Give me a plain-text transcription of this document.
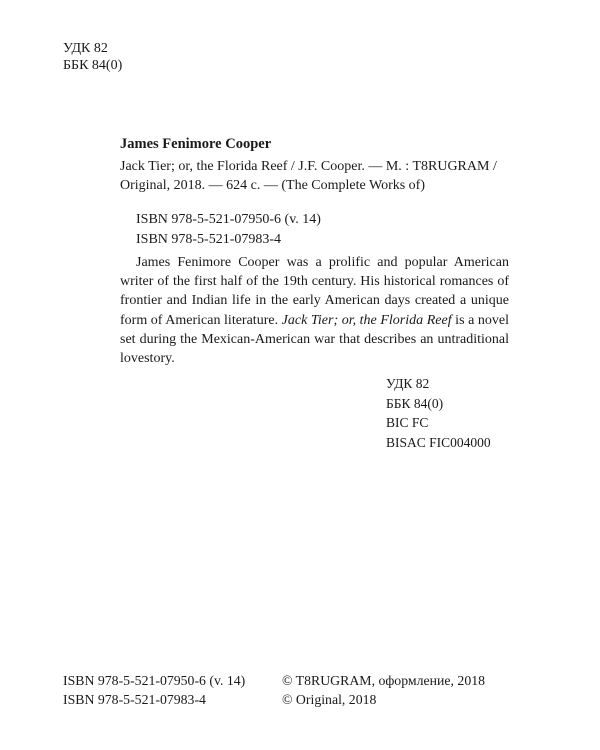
УДК 82
ББК 84(0)
James Fenimore Cooper
Jack Tier; or, the Florida Reef / J.F. Cooper. — M. : T8RUGRAM /
Original, 2018. — 624 c. — (The Complete Works of)
ISBN 978-5-521-07950-6 (v. 14)
ISBN 978-5-521-07983-4
James Fenimore Cooper was a prolific and popular American writer of the first half of the 19th century. His historical romances of frontier and Indian life in the early American days created a unique form of American literature. Jack Tier; or, the Florida Reef is a novel set during the Mexican-American war that describes an untraditional lovestory.
УДК 82
ББК 84(0)
BIC FC
BISAC FIC004000
ISBN 978-5-521-07950-6 (v. 14)
ISBN 978-5-521-07983-4
© T8RUGRAM, оформление, 2018
© Original, 2018
